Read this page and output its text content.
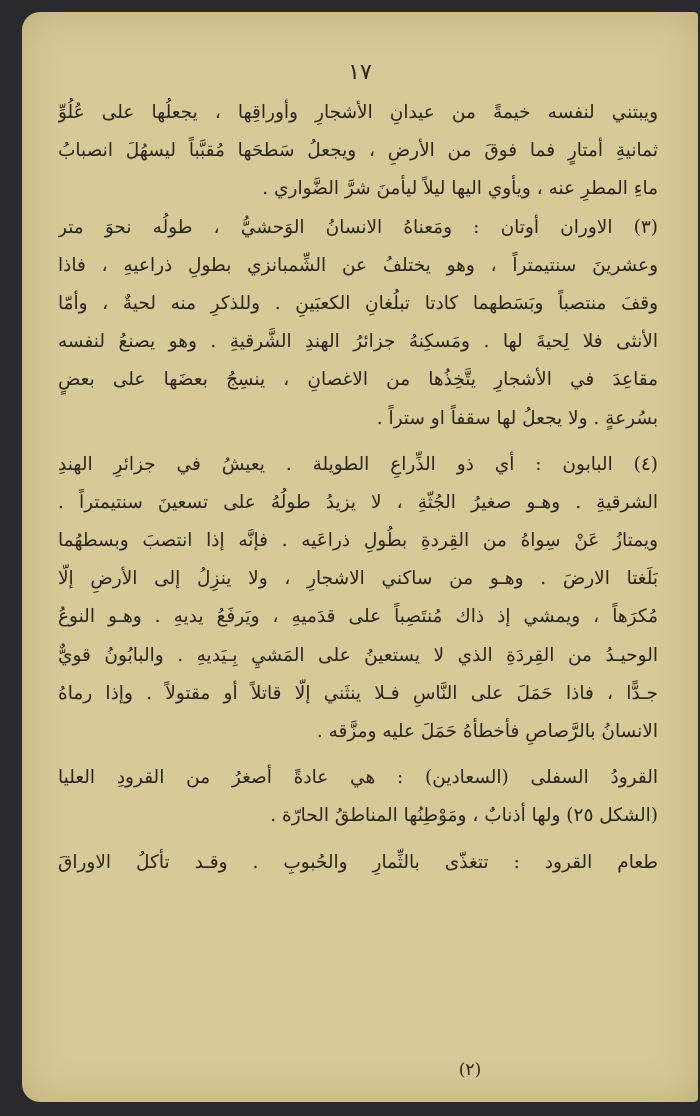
١٧
ويبتني لنفسه خيمةً من عيدانِ الأشجارِ وأوراقِها ، يجعلُها على عُلُوِّ
ثمانيةِ أمتارٍ فما فوقَ من الأرضِ ، ويجعلُ سَطحَها مُقبَّباً ليسهُلَ انصبابُ
ماءِ المطرِ عنه ، ويأوي اليها ليلاً ليأمنَ شرَّ الضَّواري .
(٣) الاوران أوتان : ومَعناهُ الانسانُ الوَحشيُّ ، طولُه نحوَ متر
وعشرينَ سنتيمتراً ، وهو يختلفُ عن الشِّمبانزي بطولِ ذراعيهِ ، فاذا
وقفَ منتصباً وبَسَطهما كادتا تبلُغانِ الكعبَينِ . وللذكرِ منه لحيةٌ ، وأمّا
الأنثى فلا لِحيةَ لها . ومَسكِنهُ جزائرُ الهندِ الشَّرقيةِ . وهو يصنعُ لنفسه
مقاعِدَ في الأشجارِ يتَّخِذُها من الاغصانِ ، ينسِجُ بعضَها على بعضٍ
بسُرعةٍ . ولا يجعلُ لها سقفاً او ستراً .
(٤) البابون : أي ذو الذِّراعِ الطويلة . يعيشُ في جزائرِ الهندِ
الشرقيةِ . وهـو صغيرُ الجُثّةِ ، لا يزيدُ طولُهُ على تسعينَ سنتيمتراً .
ويمتازُ عَنْ سِواهُ من القِردةِ بطُولِ ذراعَيه . فإنَّه إذا انتصبَ وبسطهُما
بَلَغتا الارضَ . وهـو من ساكني الاشجارِ ، ولا ينزِلُ إلى الأرضِ إلّا
مُكرَهاً ، ويمشي إذ ذاك مُنتَصِباً على قدَميهِ ، ويَرفَعُ يديهِ . وهـو النوعُ
الوحيـدُ من القِردَةِ الذي لا يستعينُ على المَشيِ بِـيَديهِ . والبابُونُ قويٌّ
جـدًّا ، فاذا حَمَلَ على النَّاسِ فـلا ينثَني إلّا قاتلاً أو مقتولاً . وإذا رماهُ
الانسانُ بالرَّصاصِ فأخطأهُ حَمَلَ عليه ومزَّقه .
القرودُ السفلى (السعادين) : هي عادةً أصغرُ من القرودِ العليا
(الشكل ٢٥) ولها أذنابٌ ، ومَوْطِنُها المناطقُ الحارّة .
طعام القرود : تتغذّى بالثِّمارِ والحُبوبِ . وقـد تأكلُ الاوراقَ
(٢)
